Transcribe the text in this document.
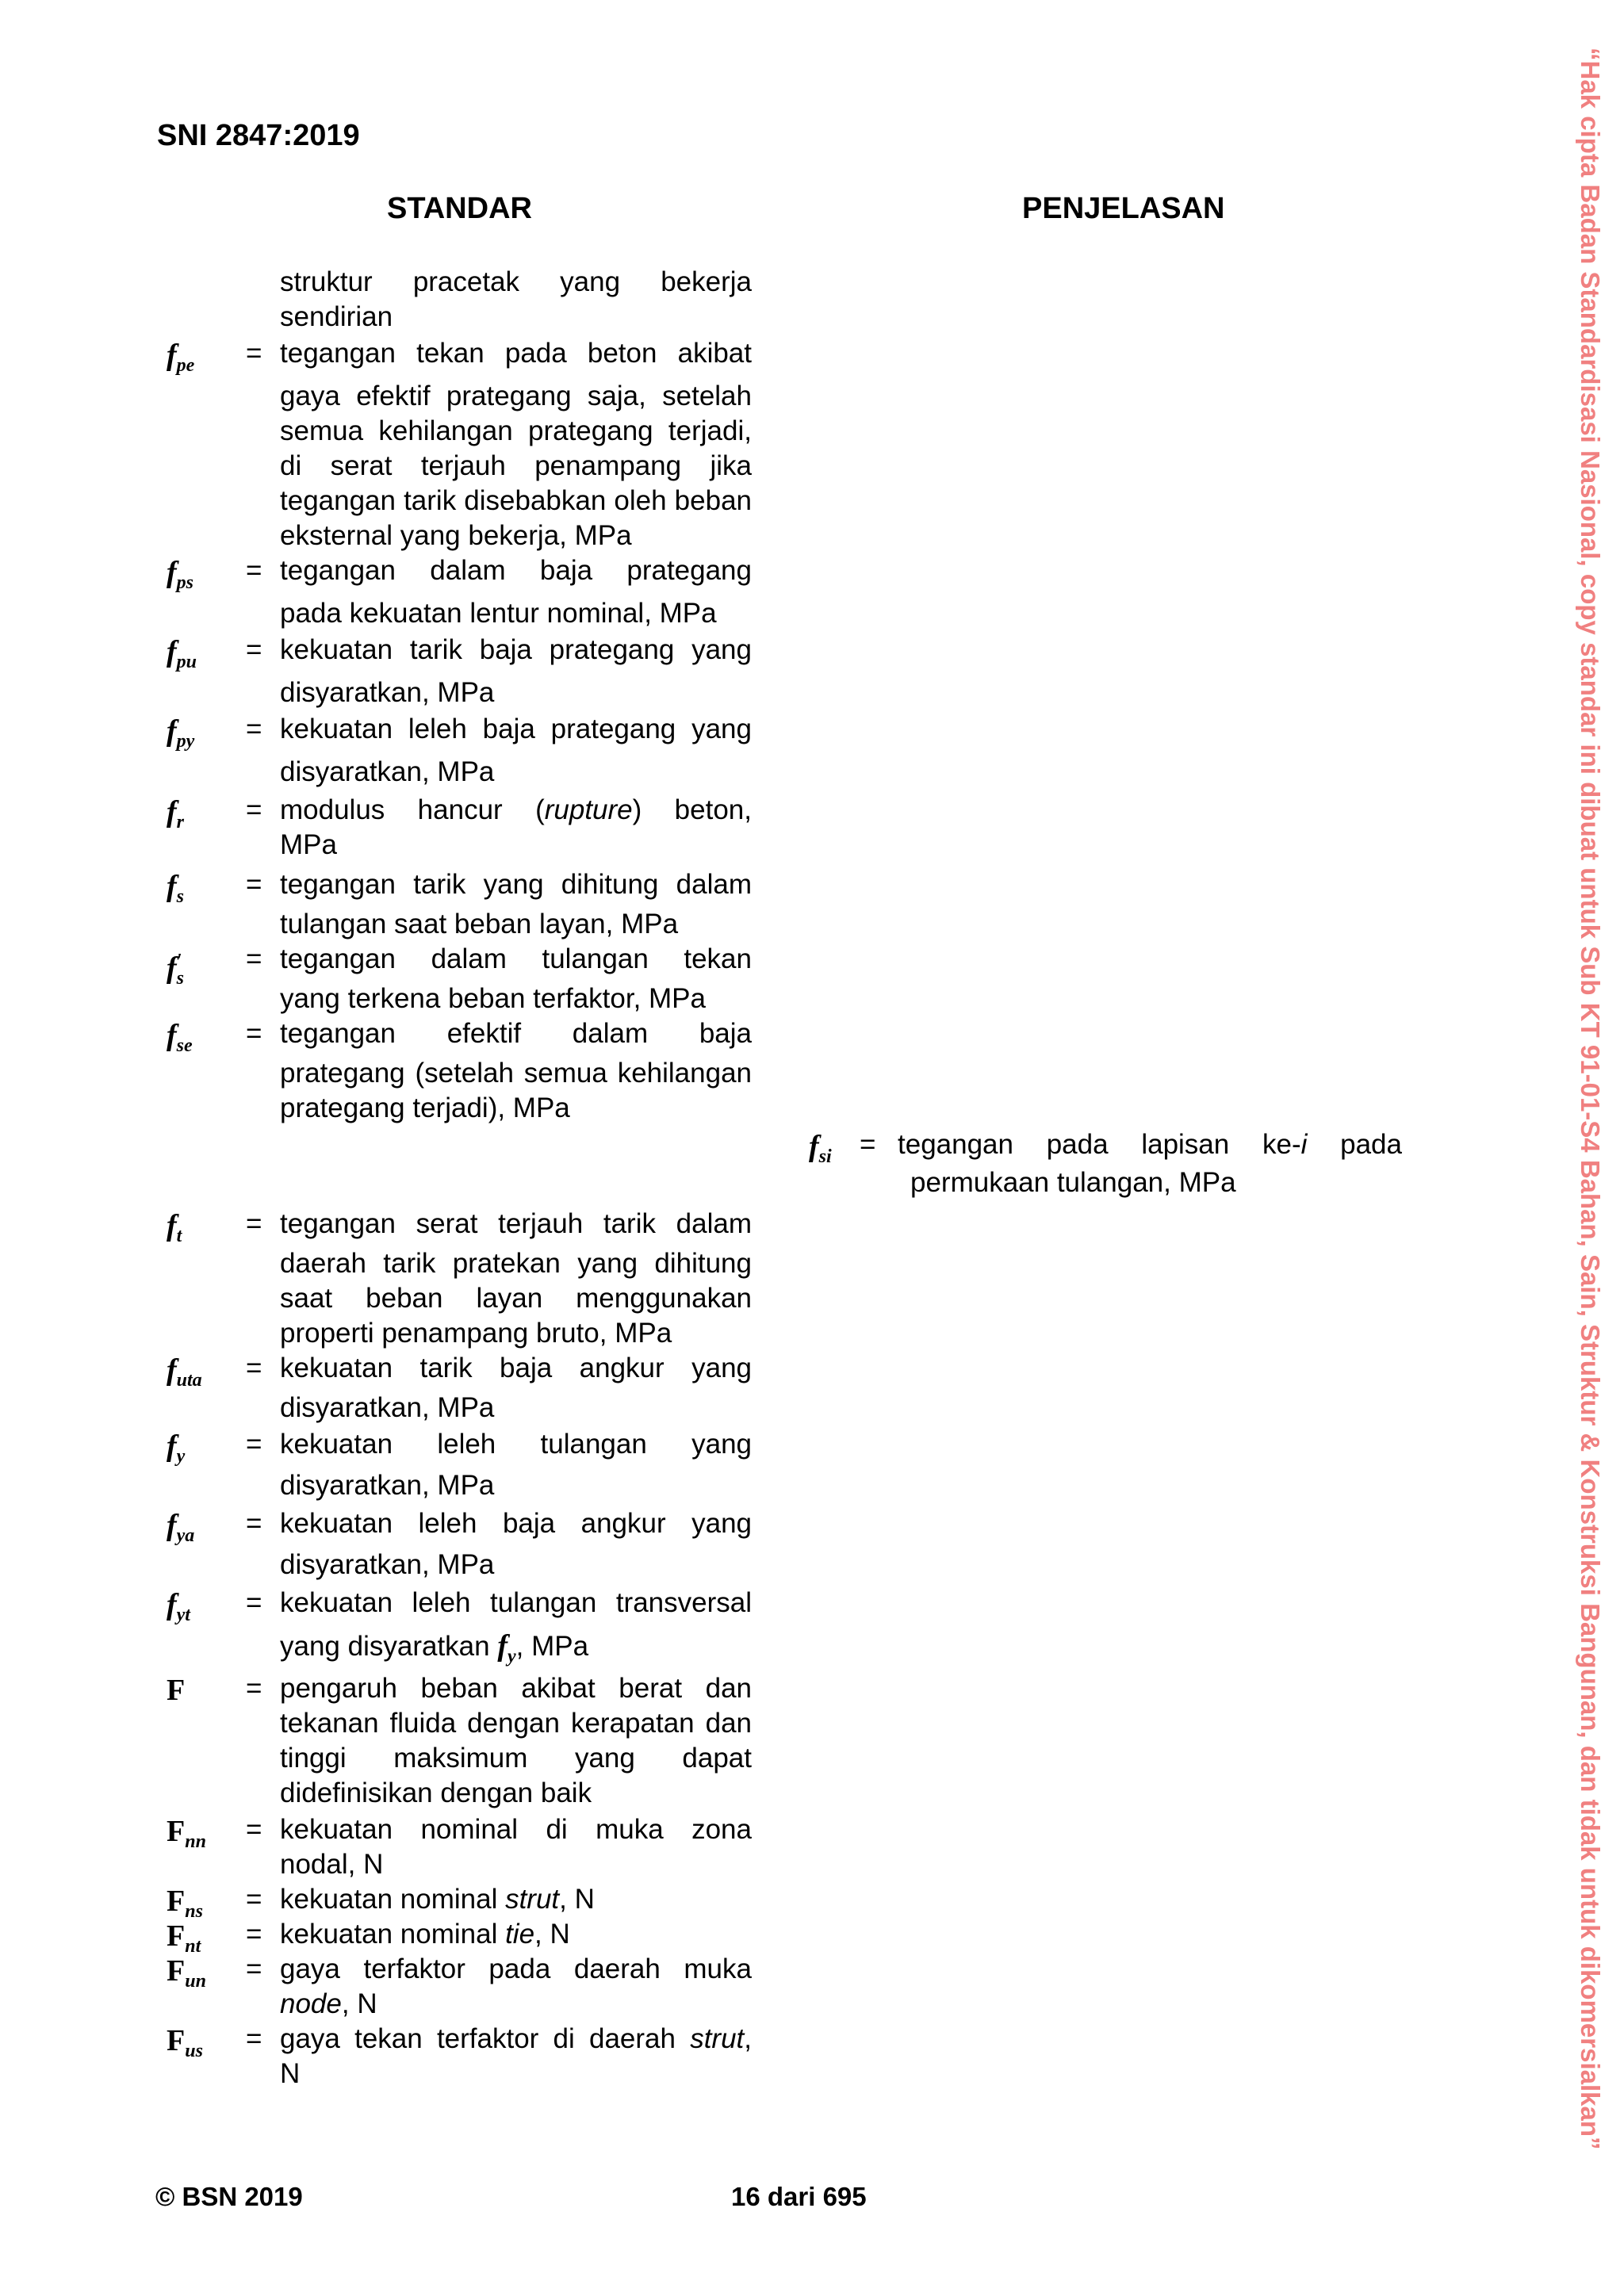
SNI 2847:2019
STANDAR	PENJELASAN
struktur pracetak yang bekerja
sendirian
$f_{pe}$ = tegangan tekan pada beton akibat
gaya efektif prategang saja, setelah semua kehilangan prategang terjadi, di serat terjauh penampang jika tegangan tarik disebabkan oleh beban eksternal yang bekerja, MPa
$f_{ps}$ = tegangan dalam baja prategang
pada kekuatan lentur nominal, MPa
$f_{pu}$ = kekuatan tarik baja prategang yang
disyaratkan, MPa
$f_{py}$ = kekuatan leleh baja prategang yang
disyaratkan, MPa
$f_r$ = modulus hancur (rupture) beton,
MPa
$f_s$ = tegangan tarik yang dihitung dalam
tulangan saat beban layan, MPa
$f_s'$ = tegangan dalam tulangan tekan
yang terkena beban terfaktor, MPa
$f_{se}$ = tegangan efektif dalam baja
prategang (setelah semua kehilangan prategang terjadi), MPa
$f_{si}$ = tegangan pada lapisan ke-i pada
permukaan tulangan, MPa
$f_t$ = tegangan serat terjauh tarik dalam
daerah tarik pratekan yang dihitung saat beban layan menggunakan properti penampang bruto, MPa
$f_{uta}$ = kekuatan tarik baja angkur yang
disyaratkan, MPa
$f_y$ = kekuatan leleh tulangan yang
disyaratkan, MPa
$f_{ya}$ = kekuatan leleh baja angkur yang
disyaratkan, MPa
$f_{yt}$ = kekuatan leleh tulangan transversal
yang disyaratkan $f_y$, MPa
F = pengaruh beban akibat berat dan
tekanan fluida dengan kerapatan dan tinggi maksimum yang dapat didefinisikan dengan baik
$F_{nn}$ = kekuatan nominal di muka zona
nodal, N
$F_{ns}$ = kekuatan nominal strut, N
$F_{nt}$ = kekuatan nominal tie, N
$F_{un}$ = gaya terfaktor pada daerah muka
node, N
$F_{us}$ = gaya tekan terfaktor di daerah strut,
N
© BSN 2019	16 dari 695
“Hak cipta Badan Standardisasi Nasional, copy standar ini dibuat untuk Sub KT 91-01-S4 Bahan, Sain, Struktur & Konstruksi Bangunan, dan tidak untuk dikomersialkan”
